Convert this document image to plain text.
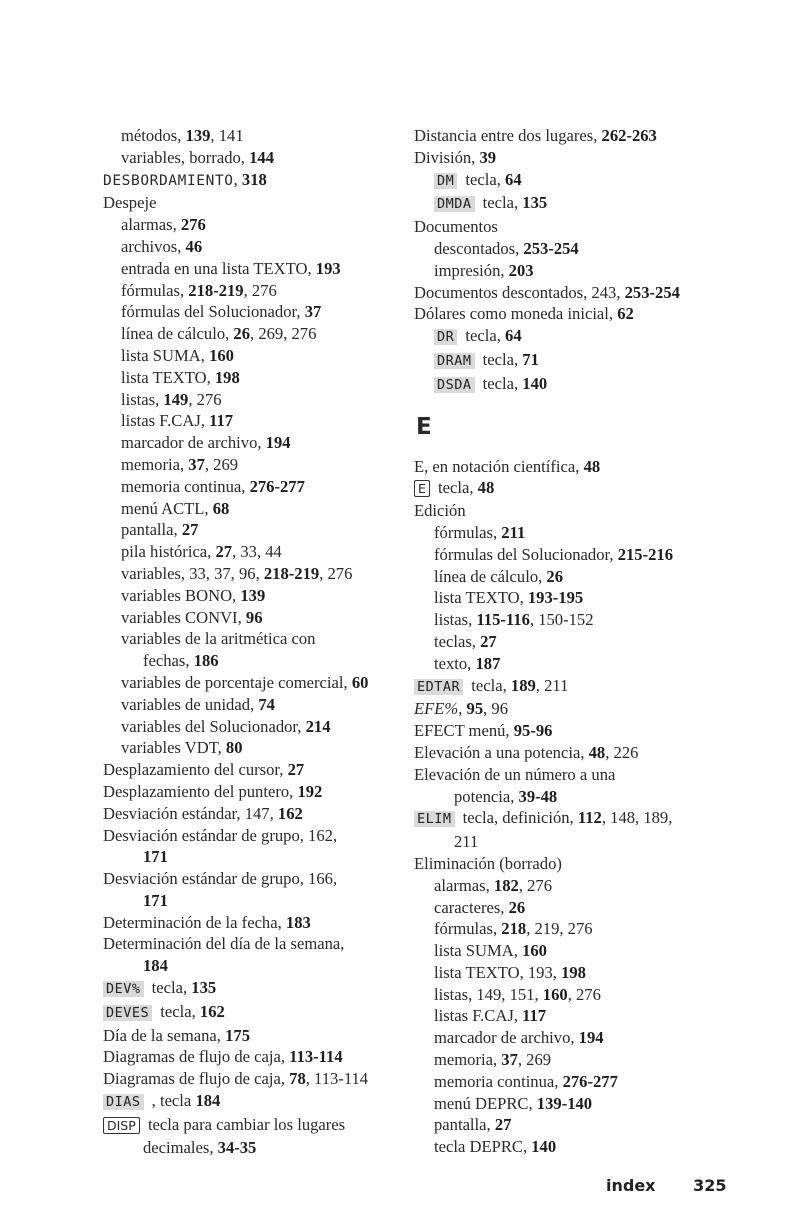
métodos, 139, 141
variables, borrado, 144
DESBORDAMIENTO, 318
Despeje
alarmas, 276
archivos, 46
entrada en una lista TEXTO, 193
fórmulas, 218-219, 276
fórmulas del Solucionador, 37
línea de cálculo, 26, 269, 276
lista SUMA, 160
lista TEXTO, 198
listas, 149, 276
listas F.CAJ, 117
marcador de archivo, 194
memoria, 37, 269
memoria continua, 276-277
menú ACTL, 68
pantalla, 27
pila histórica, 27, 33, 44
variables, 33, 37, 96, 218-219, 276
variables BONO, 139
variables CONVI, 96
variables de la aritmética con
fechas, 186
variables de porcentaje comercial, 60
variables de unidad, 74
variables del Solucionador, 214
variables VDT, 80
Desplazamiento del cursor, 27
Desplazamiento del puntero, 192
Desviación estándar, 147, 162
Desviación estándar de grupo, 162,
171
Desviación estándar de grupo, 166,
171
Determinación de la fecha, 183
Determinación del día de la semana,
184
DEV% tecla, 135
DEVES tecla, 162
Día de la semana, 175
Diagramas de flujo de caja, 113-114
Diagramas de flujo de caja, 78, 113-114
DIAS , tecla 184
DISP tecla para cambiar los lugares
decimales, 34-35
Distancia entre dos lugares, 262-263
División, 39
DM tecla, 64
DMDA tecla, 135
Documentos
descontados, 253-254
impresión, 203
Documentos descontados, 243, 253-254
Dólares como moneda inicial, 62
DR tecla, 64
DRAM tecla, 71
DSDA tecla, 140
E
E, en notación científica, 48
E tecla, 48
Edición
fórmulas, 211
fórmulas del Solucionador, 215-216
línea de cálculo, 26
lista TEXTO, 193-195
listas, 115-116, 150-152
teclas, 27
texto, 187
EDTAR tecla, 189, 211
EFE%, 95, 96
EFECT menú, 95-96
Elevación a una potencia, 48, 226
Elevación de un número a una
potencia, 39-48
ELIM tecla, definición, 112, 148, 189,
211
Eliminación (borrado)
alarmas, 182, 276
caracteres, 26
fórmulas, 218, 219, 276
lista SUMA, 160
lista TEXTO, 193, 198
listas, 149, 151, 160, 276
listas F.CAJ, 117
marcador de archivo, 194
memoria, 37, 269
memoria continua, 276-277
menú DEPRC, 139-140
pantalla, 27
tecla DEPRC, 140
index 325
